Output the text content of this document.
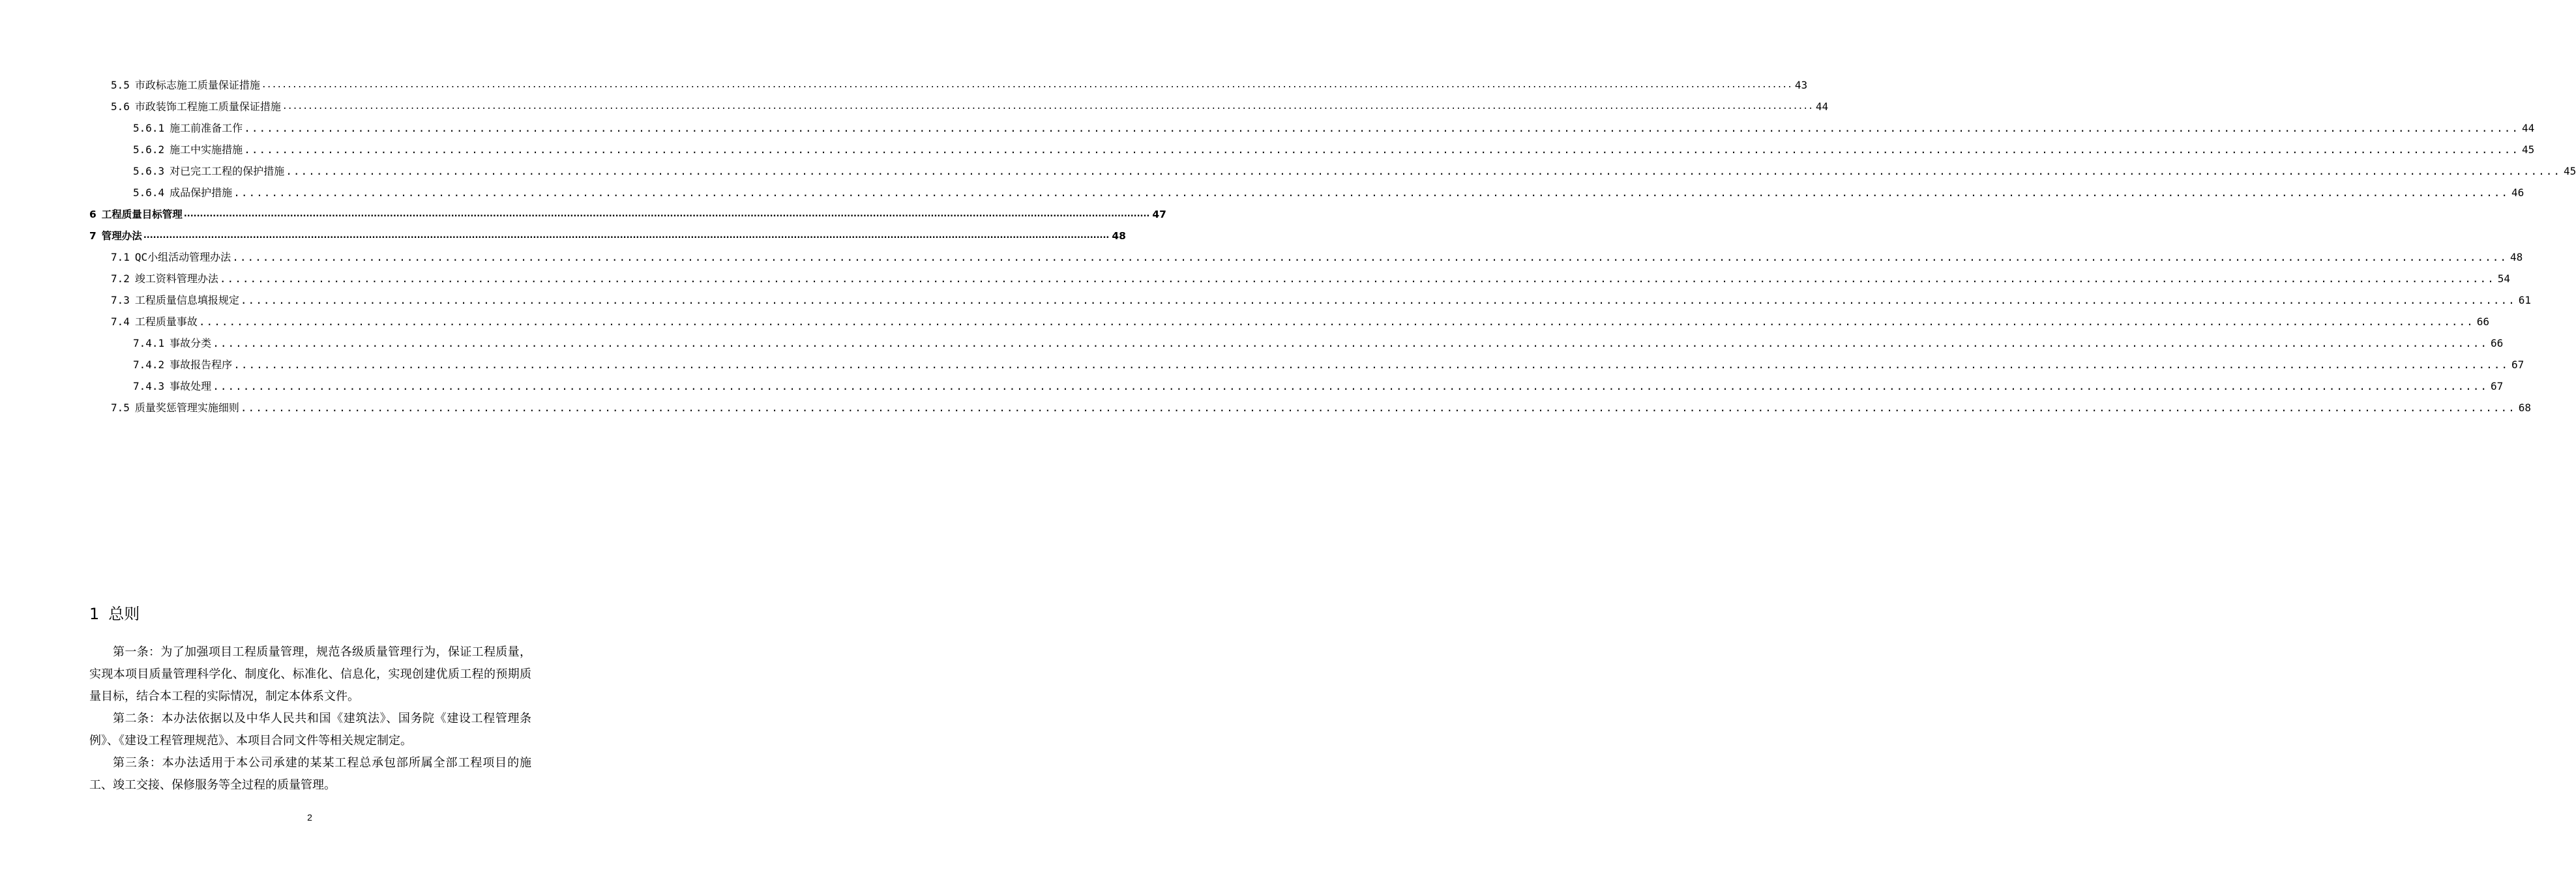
5.5 市政标志施工质量保证措施 ............................................................................................................................................................................................................................................................................................................ 43
5.6 市政装饰工程施工质量保证措施 ............................................................................................................................................................................................................................................................................................................ 44
5.6.1 施工前准备工作 ............................................................................................................................................................................................................................................................................................................ 44
5.6.2 施工中实施措施 ............................................................................................................................................................................................................................................................................................................ 45
5.6.3 对已完工工程的保护措施 ............................................................................................................................................................................................................................................................................................................ 45
5.6.4 成品保护措施 ............................................................................................................................................................................................................................................................................................................ 46
6 工程质量目标管理 ............................................................................................................................................................................................................................................................................................................ 47
7 管理办法 ............................................................................................................................................................................................................................................................................................................ 48
7.1 QC小组活动管理办法 ............................................................................................................................................................................................................................................................................................................ 48
7.2 竣工资料管理办法 ............................................................................................................................................................................................................................................................................................................ 54
7.3 工程质量信息填报规定 ............................................................................................................................................................................................................................................................................................................ 61
7.4 工程质量事故 ............................................................................................................................................................................................................................................................................................................ 66
7.4.1 事故分类 ............................................................................................................................................................................................................................................................................................................ 66
7.4.2 事故报告程序 ............................................................................................................................................................................................................................................................................................................ 67
7.4.3 事故处理 ............................................................................................................................................................................................................................................................................................................ 67
7.5 质量奖惩管理实施细则 ............................................................................................................................................................................................................................................................................................................ 68
1 总则

第一条：为了加强项目工程质量管理，规范各级质量管理行为，保证工程质量，实现本项目质量管理科学化、制度化、标准化、信息化，实现创建优质工程的预期质量目标，结合本工程的实际情况，制定本体系文件。

第二条：本办法依据以及中华人民共和国《建筑法》、国务院《建设工程管理条例》、《建设工程管理规范》、本项目合同文件等相关规定制定。

第三条：本办法适用于本公司承建的某某工程总承包部所属全部工程项目的施工、竣工交接、保修服务等全过程的质量管理。

2
